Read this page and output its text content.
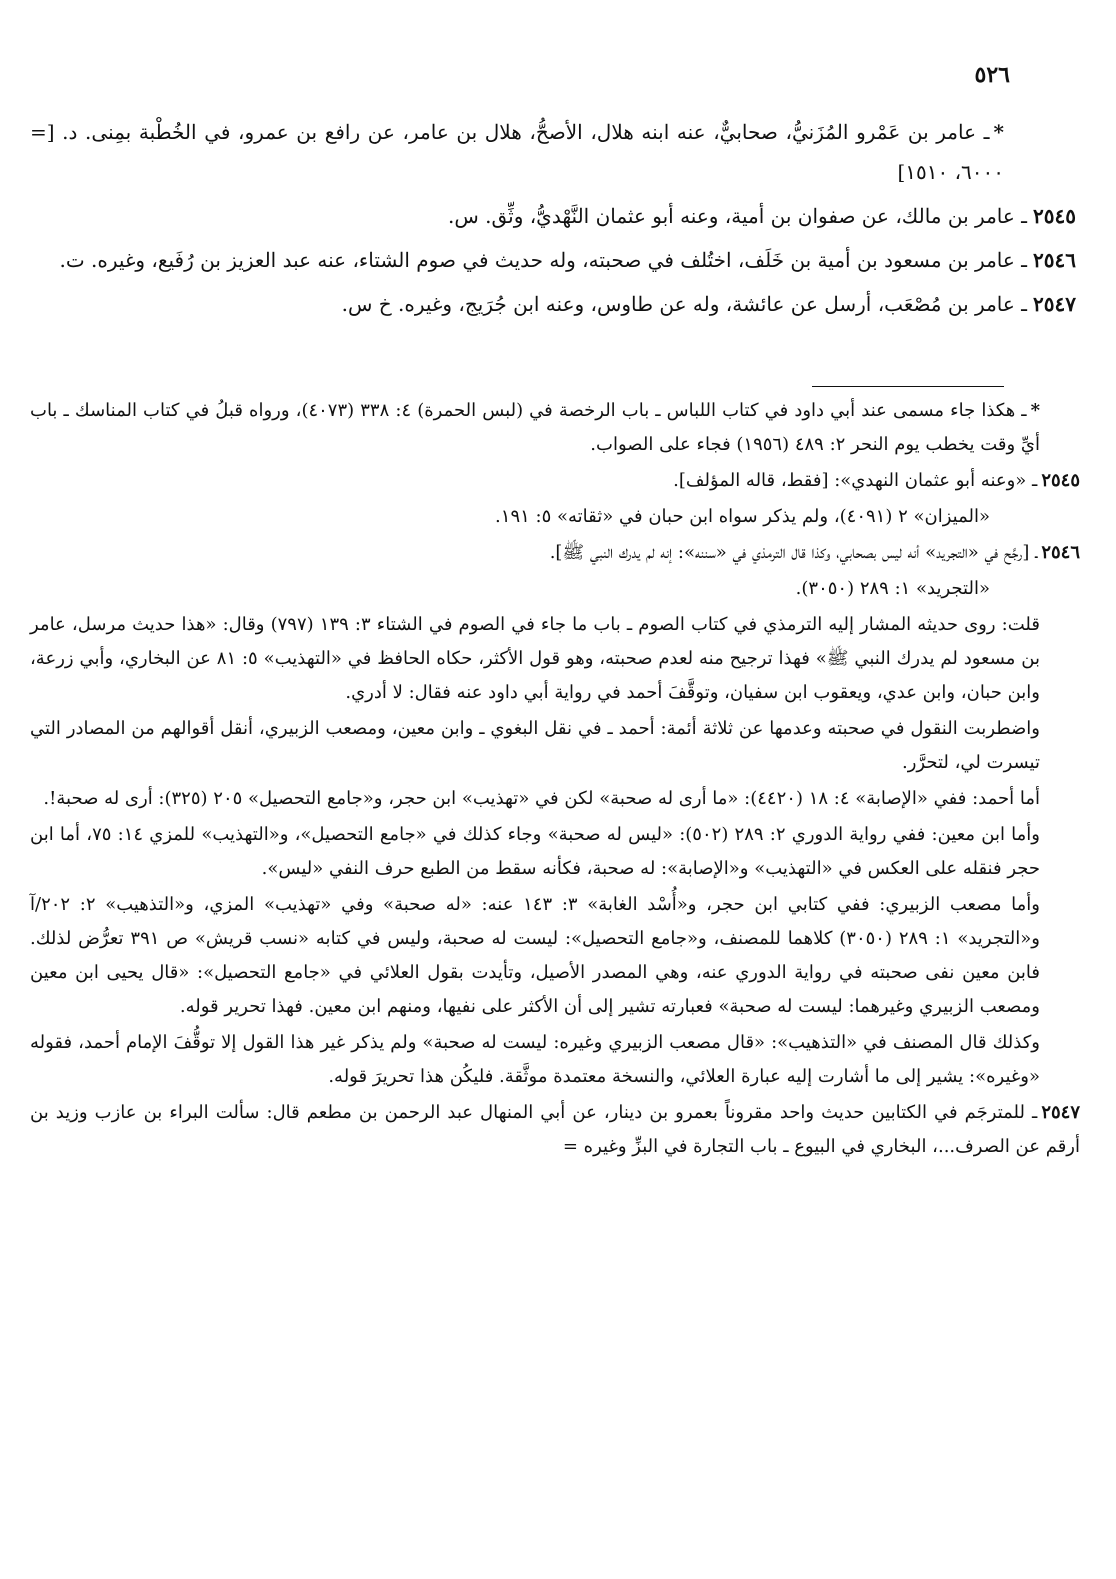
٥٢٦

*ـ عامر بن عَمْرو المُزَنيُّ، صحابيٌّ، عنه ابنه هلال، الأصحُّ، هلال بن عامر، عن رافع بن عمرو، في الخُطْبة بمِنى. د. [= ٦٠٠٠، ١٥١٠]

٢٥٤٥ـ عامر بن مالك، عن صفوان بن أمية، وعنه أبو عثمان النَّهْديُّ، وثِّق. س.

٢٥٤٦ـ عامر بن مسعود بن أمية بن خَلَف، اختُلف في صحبته، وله حديث في صوم الشتاء، عنه عبد العزيز بن رُفَيع، وغيره. ت.

٢٥٤٧ـ عامر بن مُصْعَب، أرسل عن عائشة، وله عن طاوس، وعنه ابن جُرَيج، وغيره. خ س.

*ـ هكذا جاء مسمى عند أبي داود في كتاب اللباس ـ باب الرخصة في (لبس الحمرة) ٤: ٣٣٨ (٤٠٧٣)، ورواه قبلُ في كتاب المناسك ـ باب أيِّ وقت يخطب يوم النحر ٢: ٤٨٩ (١٩٥٦) فجاء على الصواب.

٢٥٤٥ـ «وعنه أبو عثمان النهدي»: [فقط، قاله المؤلف].

«الميزان» ٢ (٤٠٩١)، ولم يذكر سواه ابن حبان في «ثقاته» ٥: ١٩١.

٢٥٤٦ـ [رجَّح في «التجريد» أنه ليس بصحابي، وكذا قال الترمذي في «سننه»: إنه لم يدرك النبي ﷺ].

«التجريد» ١: ٢٨٩ (٣٠٥٠).

قلت: روى حديثه المشار إليه الترمذي في كتاب الصوم ـ باب ما جاء في الصوم في الشتاء ٣: ١٣٩ (٧٩٧) وقال: «هذا حديث مرسل، عامر بن مسعود لم يدرك النبي ﷺ» فهذا ترجيح منه لعدم صحبته، وهو قول الأكثر، حكاه الحافظ في «التهذيب» ٥: ٨١ عن البخاري، وأبي زرعة، وابن حبان، وابن عدي، ويعقوب ابن سفيان، وتوقَّفَ أحمد في رواية أبي داود عنه فقال: لا أدري.

واضطربت النقول في صحبته وعدمها عن ثلاثة أئمة: أحمد ـ في نقل البغوي ـ وابن معين، ومصعب الزبيري، أنقل أقوالهم من المصادر التي تيسرت لي، لتحرَّر.

أما أحمد: ففي «الإصابة» ٤: ١٨ (٤٤٢٠): «ما أرى له صحبة» لكن في «تهذيب» ابن حجر، و«جامع التحصيل» ٢٠٥ (٣٢٥): أرى له صحبة!.

وأما ابن معين: ففي رواية الدوري ٢: ٢٨٩ (٥٠٢): «ليس له صحبة» وجاء كذلك في «جامع التحصيل»، و«التهذيب» للمزي ١٤: ٧٥، أما ابن حجر فنقله على العكس في «التهذيب» و«الإصابة»: له صحبة، فكأنه سقط من الطبع حرف النفي «ليس».

وأما مصعب الزبيري: ففي كتابي ابن حجر، و«أُسْد الغابة» ٣: ١٤٣ عنه: «له صحبة» وفي «تهذيب» المزي، و«التذهيب» ٢: ٢٠٢/آ و«التجريد» ١: ٢٨٩ (٣٠٥٠) كلاهما للمصنف، و«جامع التحصيل»: ليست له صحبة، وليس في كتابه «نسب قريش» ص ٣٩١ تعرُّض لذلك. فابن معين نفى صحبته في رواية الدوري عنه، وهي المصدر الأصيل، وتأيدت بقول العلائي في «جامع التحصيل»: «قال يحيى ابن معين ومصعب الزبيري وغيرهما: ليست له صحبة» فعبارته تشير إلى أن الأكثر على نفيها، ومنهم ابن معين. فهذا تحرير قوله.

وكذلك قال المصنف في «التذهيب»: «قال مصعب الزبيري وغيره: ليست له صحبة» ولم يذكر غير هذا القول إلا توقُّفَ الإمام أحمد، فقوله «وغيره»: يشير إلى ما أشارت إليه عبارة العلائي، والنسخة معتمدة موثَّقة. فليكُن هذا تحريرَ قوله.

٢٥٤٧ـ للمترجَم في الكتابين حديث واحد مقروناً بعمرو بن دينار، عن أبي المنهال عبد الرحمن بن مطعم قال: سألت البراء بن عازب وزيد بن أرقم عن الصرف...، البخاري في البيوع ـ باب التجارة في البزِّ وغيره =
